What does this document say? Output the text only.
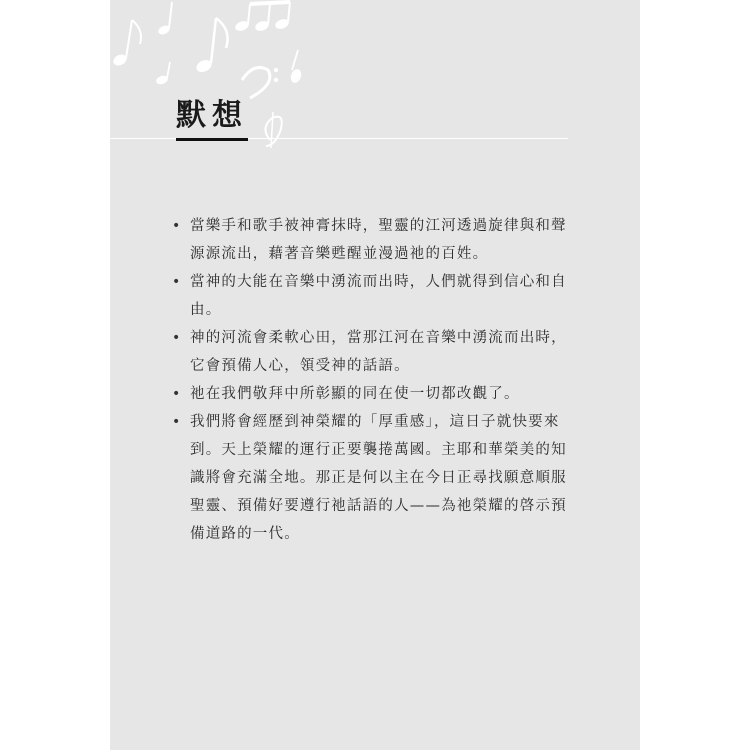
默想
• 當樂手和歌手被神膏抹時，聖靈的江河透過旋律與和聲源源流出，藉著音樂甦醒並漫過祂的百姓。
• 當神的大能在音樂中湧流而出時，人們就得到信心和自由。
• 神的河流會柔軟心田，當那江河在音樂中湧流而出時，它會預備人心，領受神的話語。
• 祂在我們敬拜中所彰顯的同在使一切都改觀了。
• 我們將會經歷到神榮耀的「厚重感」，這日子就快要來到。天上榮耀的運行正要襲捲萬國。主耶和華榮美的知識將會充滿全地。那正是何以主在今日正尋找願意順服聖靈、預備好要遵行祂話語的人——為祂榮耀的啓示預備道路的一代。
